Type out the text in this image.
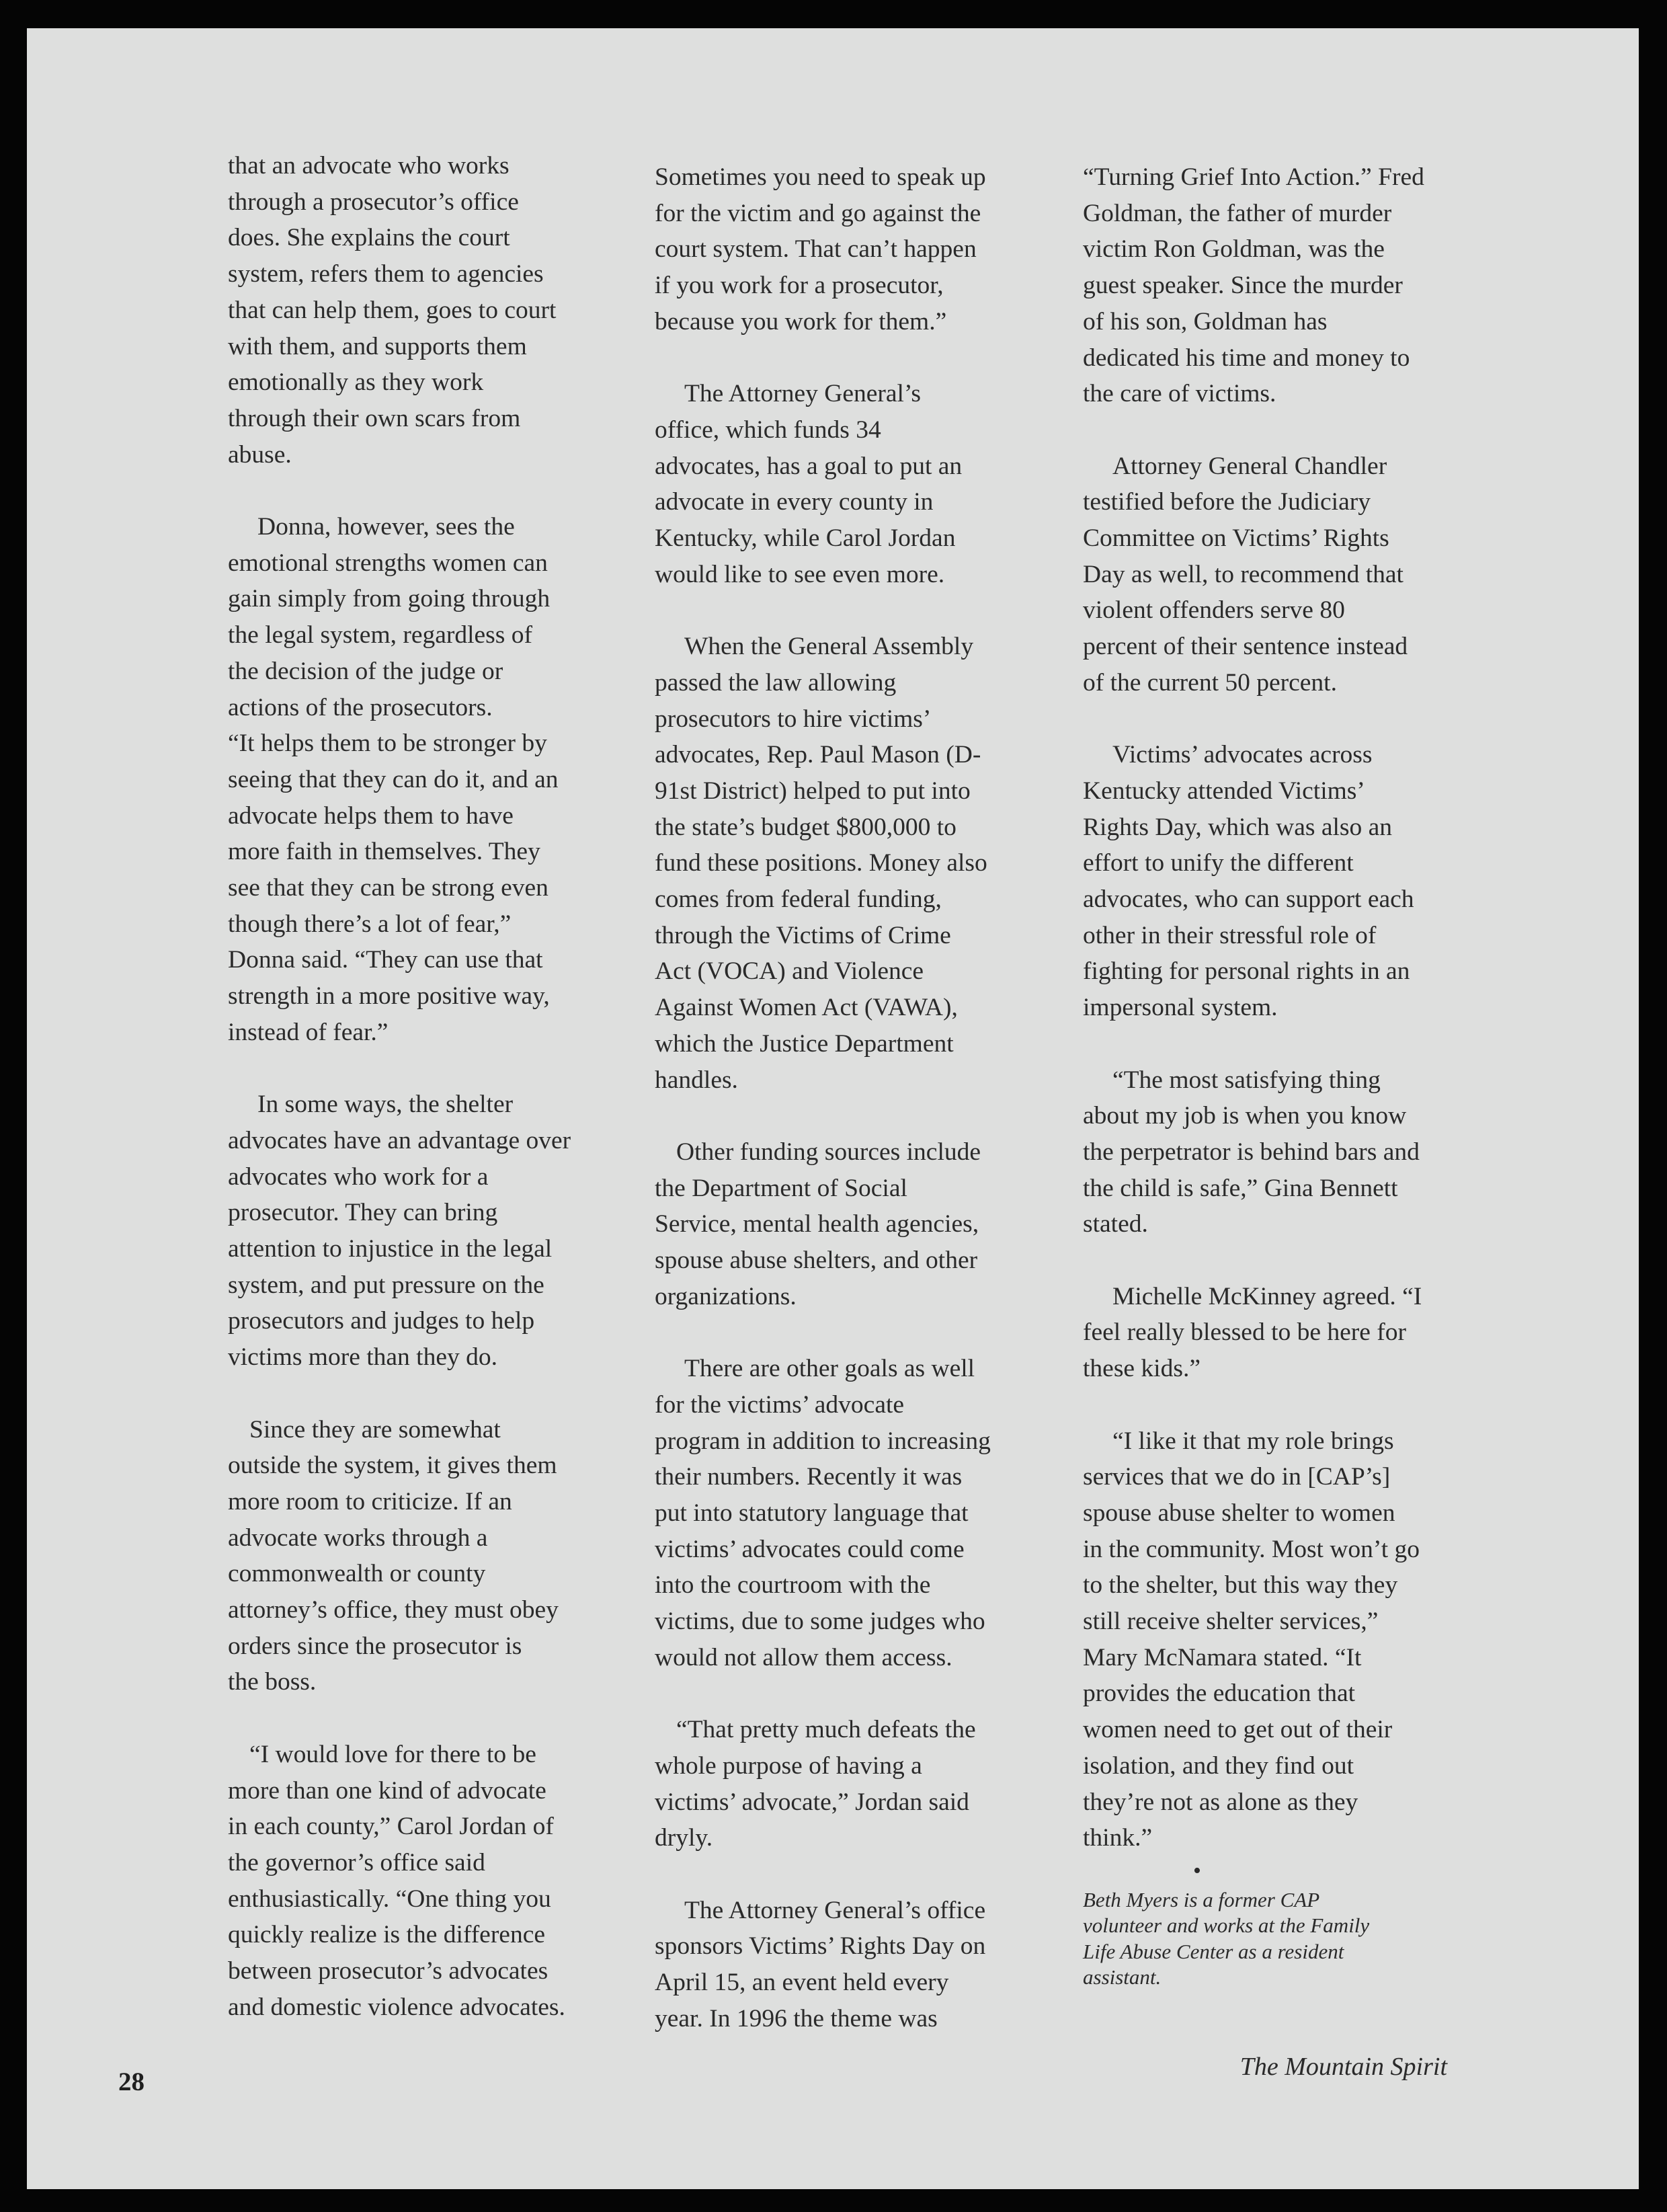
that an advocate who works
through a prosecutor’s office
does. She explains the court
system, refers them to agencies
that can help them, goes to court
with them, and supports them
emotionally as they work
through their own scars from
abuse.

Donna, however, sees the
emotional strengths women can
gain simply from going through
the legal system, regardless of
the decision of the judge or
actions of the prosecutors.
“It helps them to be stronger by
seeing that they can do it, and an
advocate helps them to have
more faith in themselves. They
see that they can be strong even
though there’s a lot of fear,”
Donna said. “They can use that
strength in a more positive way,
instead of fear.”

In some ways, the shelter
advocates have an advantage over
advocates who work for a
prosecutor. They can bring
attention to injustice in the legal
system, and put pressure on the
prosecutors and judges to help
victims more than they do.

Since they are somewhat
outside the system, it gives them
more room to criticize. If an
advocate works through a
commonwealth or county
attorney’s office, they must obey
orders since the prosecutor is
the boss.

“I would love for there to be
more than one kind of advocate
in each county,” Carol Jordan of
the governor’s office said
enthusiastically. “One thing you
quickly realize is the difference
between prosecutor’s advocates
and domestic violence advocates.

Sometimes you need to speak up
for the victim and go against the
court system. That can’t happen
if you work for a prosecutor,
because you work for them.”

The Attorney General’s
office, which funds 34
advocates, has a goal to put an
advocate in every county in
Kentucky, while Carol Jordan
would like to see even more.

When the General Assembly
passed the law allowing
prosecutors to hire victims’
advocates, Rep. Paul Mason (D-
91st District) helped to put into
the state’s budget $800,000 to
fund these positions. Money also
comes from federal funding,
through the Victims of Crime
Act (VOCA) and Violence
Against Women Act (VAWA),
which the Justice Department
handles.

Other funding sources include
the Department of Social
Service, mental health agencies,
spouse abuse shelters, and other
organizations.

There are other goals as well
for the victims’ advocate
program in addition to increasing
their numbers. Recently it was
put into statutory language that
victims’ advocates could come
into the courtroom with the
victims, due to some judges who
would not allow them access.

“That pretty much defeats the
whole purpose of having a
victims’ advocate,” Jordan said
dryly.

The Attorney General’s office
sponsors Victims’ Rights Day on
April 15, an event held every
year. In 1996 the theme was

“Turning Grief Into Action.” Fred
Goldman, the father of murder
victim Ron Goldman, was the
guest speaker. Since the murder
of his son, Goldman has
dedicated his time and money to
the care of victims.

Attorney General Chandler
testified before the Judiciary
Committee on Victims’ Rights
Day as well, to recommend that
violent offenders serve 80
percent of their sentence instead
of the current 50 percent.

Victims’ advocates across
Kentucky attended Victims’
Rights Day, which was also an
effort to unify the different
advocates, who can support each
other in their stressful role of
fighting for personal rights in an
impersonal system.

“The most satisfying thing
about my job is when you know
the perpetrator is behind bars and
the child is safe,” Gina Bennett
stated.

Michelle McKinney agreed. “I
feel really blessed to be here for
these kids.”

“I like it that my role brings
services that we do in [CAP’s]
spouse abuse shelter to women
in the community. Most won’t go
to the shelter, but this way they
still receive shelter services,”
Mary McNamara stated. “It
provides the education that
women need to get out of their
isolation, and they find out
they’re not as alone as they
think.”

•

Beth Myers is a former CAP
volunteer and works at the Family
Life Abuse Center as a resident
assistant.

28
The Mountain Spirit
